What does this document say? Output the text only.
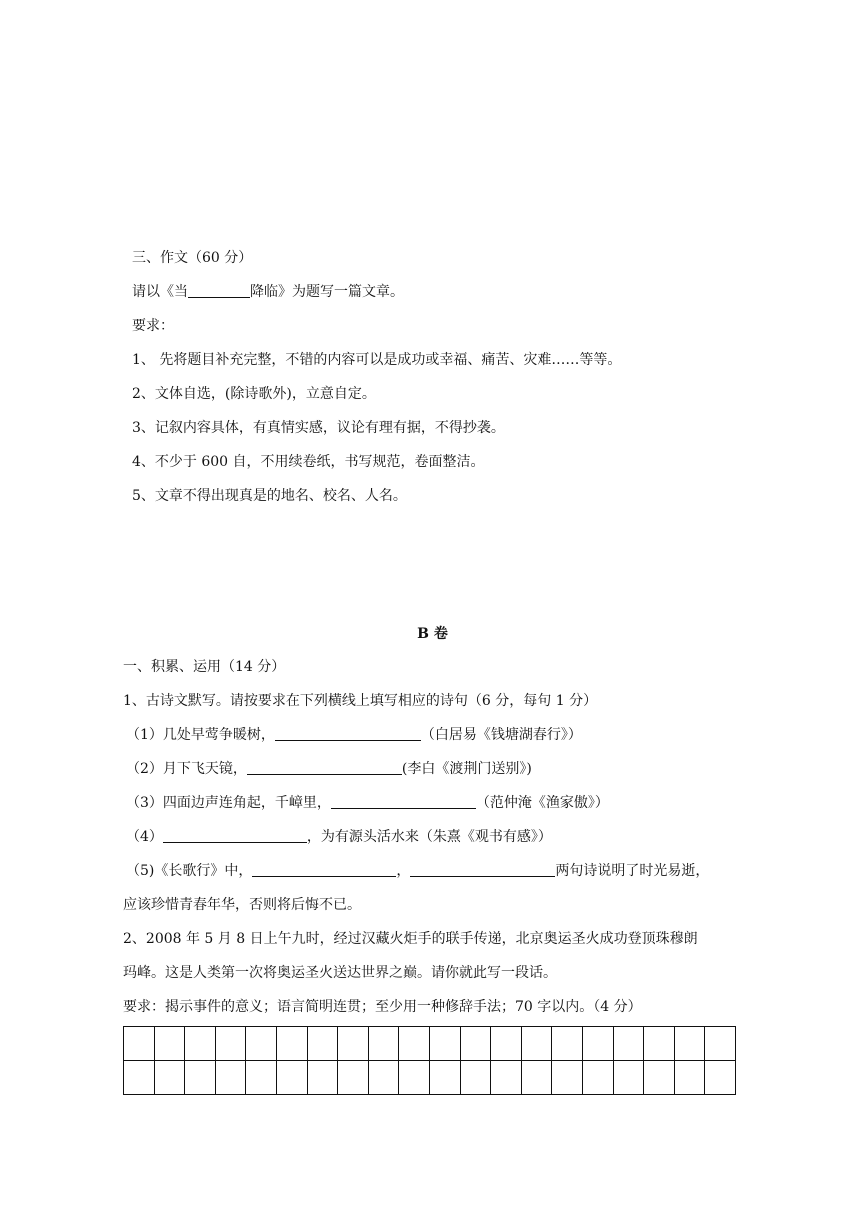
三、作文（60 分）
请以《当	降临》为题写一篇文章。
要求：
1、 先将题目补充完整，不错的内容可以是成功或幸福、痛苦、灾难……等等。
2、文体自选，(除诗歌外)，立意自定。
3、记叙内容具体，有真情实感，议论有理有据，不得抄袭。
4、不少于 600 自，不用续卷纸，书写规范，卷面整洁。
5、文章不得出现真是的地名、校名、人名。
B 卷
一、积累、运用（14 分）
1、古诗文默写。请按要求在下列横线上填写相应的诗句（6 分，每句 1 分）
（1）几处早莺争暖树，	（白居易《钱塘湖春行》）
（2）月下飞天镜，	(李白《渡荆门送别》)
（3）四面边声连角起，千嶂里，	（范仲淹《渔家傲》）
（4）	，为有源头活水来（朱熹《观书有感》）
（5)《长歌行》中，	，	两句诗说明了时光易逝，
应该珍惜青春年华，否则将后悔不已。
2、2008 年 5 月 8 日上午九时，经过汉藏火炬手的联手传递，北京奥运圣火成功登顶珠穆朗
玛峰。这是人类第一次将奥运圣火送达世界之巅。请你就此写一段话。
要求：揭示事件的意义；语言简明连贯；至少用一种修辞手法；70 字以内。（4 分）
